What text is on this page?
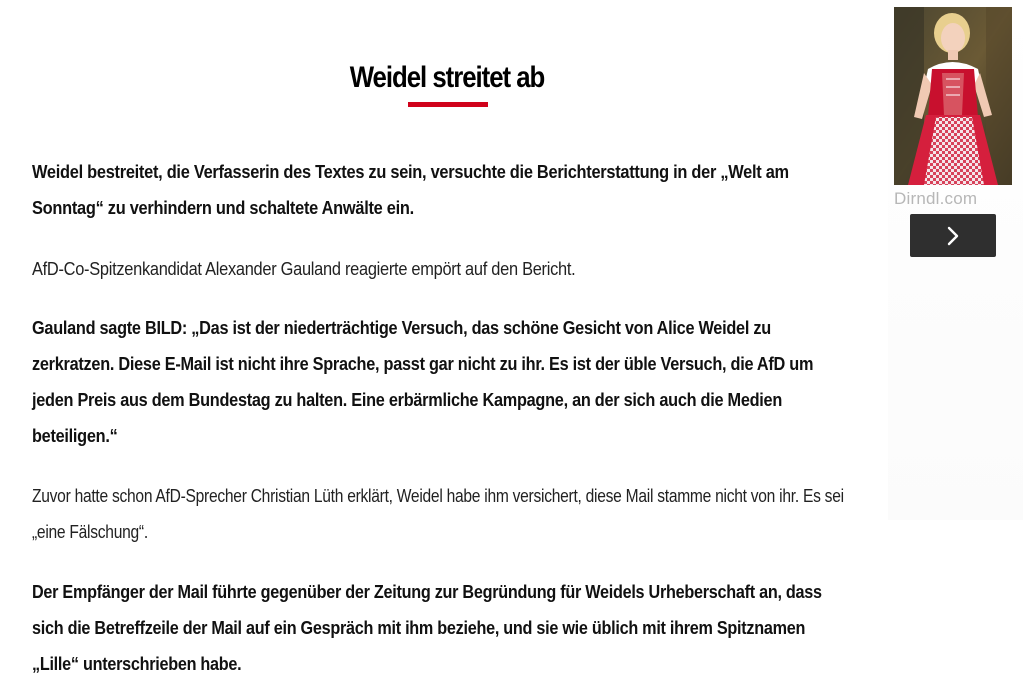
Weidel streitet ab

Weidel bestreitet, die Verfasserin des Textes zu sein, versuchte die Berichterstattung in der „Welt am Sonntag“ zu verhindern und schaltete Anwälte ein.

AfD-Co-Spitzenkandidat Alexander Gauland reagierte empört auf den Bericht.

Gauland sagte BILD: „Das ist der niederträchtige Versuch, das schöne Gesicht von Alice Weidel zu zerkratzen. Diese E-Mail ist nicht ihre Sprache, passt gar nicht zu ihr. Es ist der üble Versuch, die AfD um jeden Preis aus dem Bundestag zu halten. Eine erbärmliche Kampagne, an der sich auch die Medien beteiligen.“

Zuvor hatte schon AfD-Sprecher Christian Lüth erklärt, Weidel habe ihm versichert, diese Mail stamme nicht von ihr. Es sei „eine Fälschung“.

Der Empfänger der Mail führte gegenüber der Zeitung zur Begründung für Weidels Urheberschaft an, dass sich die Betreffzeile der Mail auf ein Gespräch mit ihm beziehe, und sie wie üblich mit ihrem Spitznamen „Lille“ unterschrieben habe.

Dirndl.com
